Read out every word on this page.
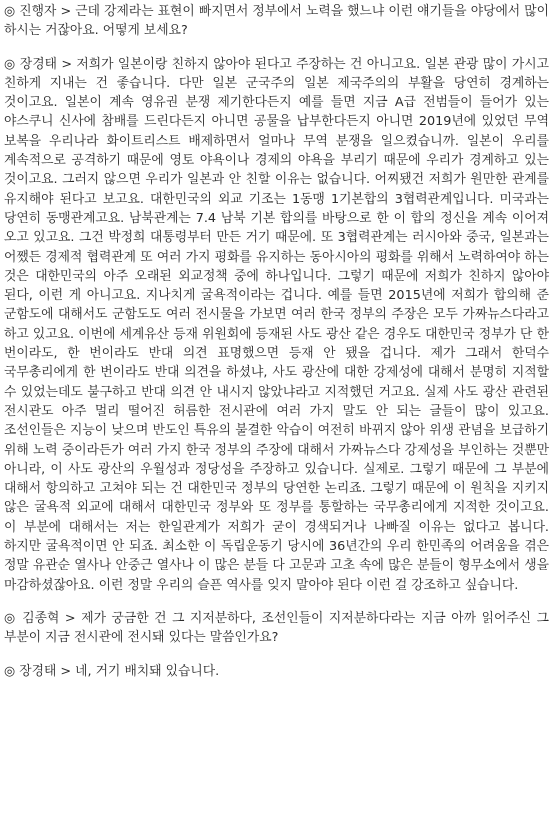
◎ 진행자 > 근데 강제라는 표현이 빠지면서 정부에서 노력을 했느냐 이런 얘기들을 야당에서 많이 하시는 거잖아요. 어떻게 보세요?

◎ 장경태 > 저희가 일본이랑 친하지 않아야 된다고 주장하는 건 아니고요. 일본 관광 많이 가시고 친하게 지내는 건 좋습니다. 다만 일본 군국주의 일본 제국주의의 부활을 당연히 경계하는 것이고요. 일본이 계속 영유권 분쟁 제기한다든지 예를 들면 지금 A급 전범들이 들어가 있는 야스쿠니 신사에 참배를 드린다든지 아니면 공물을 납부한다든지 아니면 2019년에 있었던 무역 보복을 우리나라 화이트리스트 배제하면서 얼마나 무역 분쟁을 일으켰습니까. 일본이 우리를 계속적으로 공격하기 때문에 영토 야욕이나 경제의 야욕을 부리기 때문에 우리가 경계하고 있는 것이고요. 그러지 않으면 우리가 일본과 안 친할 이유는 없습니다. 어찌됐건 저희가 원만한 관계를 유지해야 된다고 보고요. 대한민국의 외교 기조는 1동맹 1기본합의 3협력관계입니다. 미국과는 당연히 동맹관계고요. 남북관계는 7.4 남북 기본 합의를 바탕으로 한 이 합의 정신을 계속 이어져 오고 있고요. 그건 박정희 대통령부터 만든 거기 때문에. 또 3협력관계는 러시아와 중국, 일본과는 어쨌든 경제적 협력관계 또 여러 가지 평화를 유지하는 동아시아의 평화를 위해서 노력하여야 하는 것은 대한민국의 아주 오래된 외교정책 중에 하나입니다. 그렇기 때문에 저희가 친하지 않아야 된다, 이런 게 아니고요. 지나치게 굴욕적이라는 겁니다. 예를 들면 2015년에 저희가 합의해 준 군함도에 대해서도 군함도도 여러 전시물을 가보면 여러 한국 정부의 주장은 모두 가짜뉴스다라고 하고 있고요. 이번에 세계유산 등재 위원회에 등재된 사도 광산 같은 경우도 대한민국 정부가 단 한 번이라도, 한 번이라도 반대 의견 표명했으면 등재 안 됐을 겁니다. 제가 그래서 한덕수 국무총리에게 한 번이라도 반대 의견을 하셨냐, 사도 광산에 대한 강제성에 대해서 분명히 지적할 수 있었는데도 불구하고 반대 의견 안 내시지 않았냐라고 지적했던 거고요. 실제 사도 광산 관련된 전시관도 아주 멀리 떨어진 허름한 전시관에 여러 가지 말도 안 되는 글들이 많이 있고요. 조선인들은 지능이 낮으며 반도인 특유의 불결한 악습이 여전히 바뀌지 않아 위생 관념을 보급하기 위해 노력 중이라든가 여러 가지 한국 정부의 주장에 대해서 가짜뉴스다 강제성을 부인하는 것뿐만 아니라, 이 사도 광산의 우월성과 정당성을 주장하고 있습니다. 실제로. 그렇기 때문에 그 부분에 대해서 항의하고 고쳐야 되는 건 대한민국 정부의 당연한 논리죠. 그렇기 때문에 이 원칙을 지키지 않은 굴욕적 외교에 대해서 대한민국 정부와 또 정부를 통할하는 국무총리에게 지적한 것이고요. 이 부분에 대해서는 저는 한일관계가 저희가 굳이 경색되거나 나빠질 이유는 없다고 봅니다. 하지만 굴욕적이면 안 되죠. 최소한 이 독립운동기 당시에 36년간의 우리 한민족의 어려움을 겪은 정말 유관순 열사나 안중근 열사나 이 많은 분들 다 고문과 고초 속에 많은 분들이 형무소에서 생을 마감하셨잖아요. 이런 정말 우리의 슬픈 역사를 잊지 말아야 된다 이런 걸 강조하고 싶습니다.

◎ 김종혁 > 제가 궁금한 건 그 지저분하다, 조선인들이 지저분하다라는 지금 아까 읽어주신 그 부분이 지금 전시관에 전시돼 있다는 말씀인가요?

◎ 장경태 > 네, 거기 배치돼 있습니다.
